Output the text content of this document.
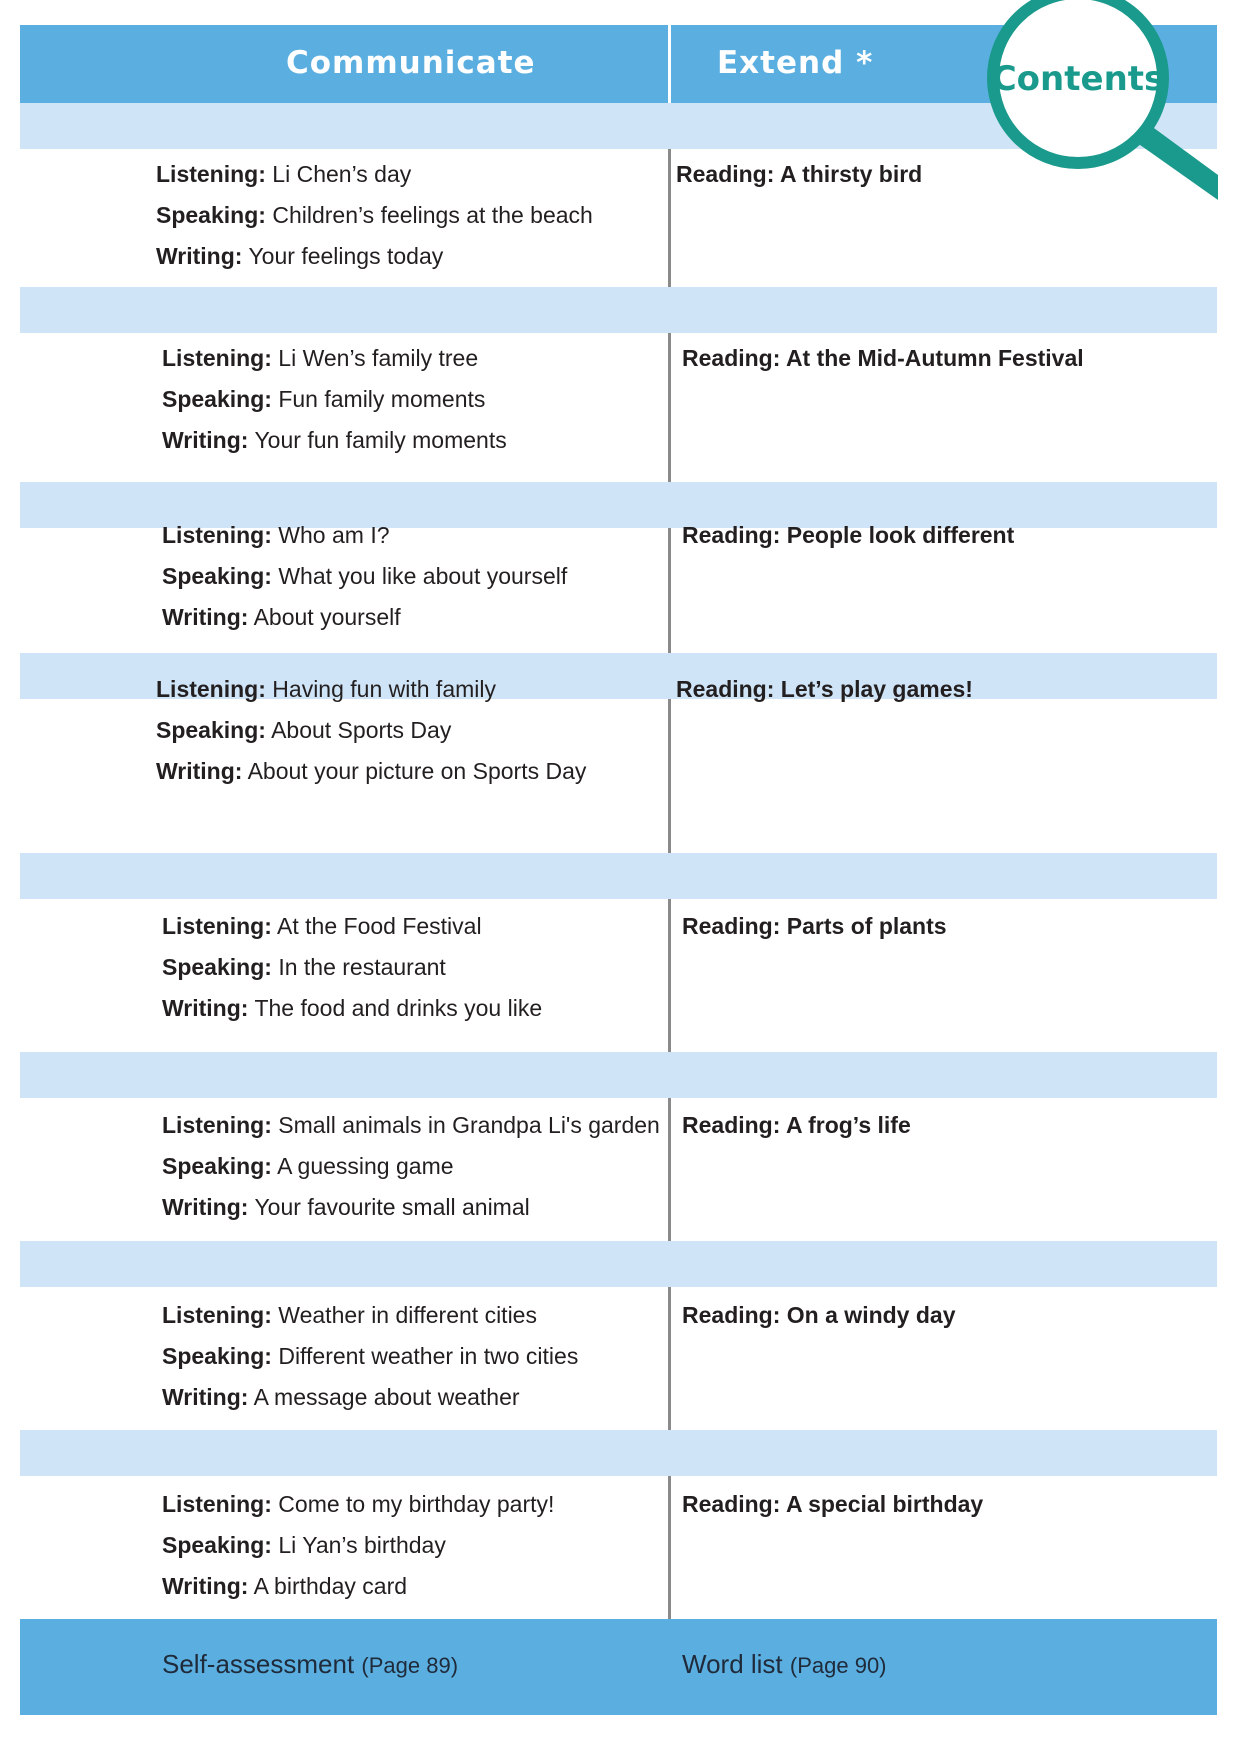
Communicate	Extend *
Listening: Li Chen’s day
Speaking: Children’s feelings at the beach
Writing: Your feelings today
Reading: A thirsty bird
Listening: Li Wen’s family tree
Speaking: Fun family moments
Writing: Your fun family moments
Reading: At the Mid-Autumn Festival
Listening: Who am I?
Speaking: What you like about yourself
Writing: About yourself
Reading: People look different
Listening: Having fun with family
Speaking: About Sports Day
Writing: About your picture on Sports Day
Reading: Let’s play games!
Listening: At the Food Festival
Speaking: In the restaurant
Writing: The food and drinks you like
Reading: Parts of plants
Listening: Small animals in Grandpa Li's garden
Speaking: A guessing game
Writing: Your favourite small animal
Reading: A frog’s life
Listening: Weather in different cities
Speaking: Different weather in two cities
Writing: A message about weather
Reading: On a windy day
Listening: Come to my birthday party!
Speaking: Li Yan’s birthday
Writing: A birthday card
Reading: A special birthday
Self-assessment (Page 89)	Word list (Page 90)
Contents
